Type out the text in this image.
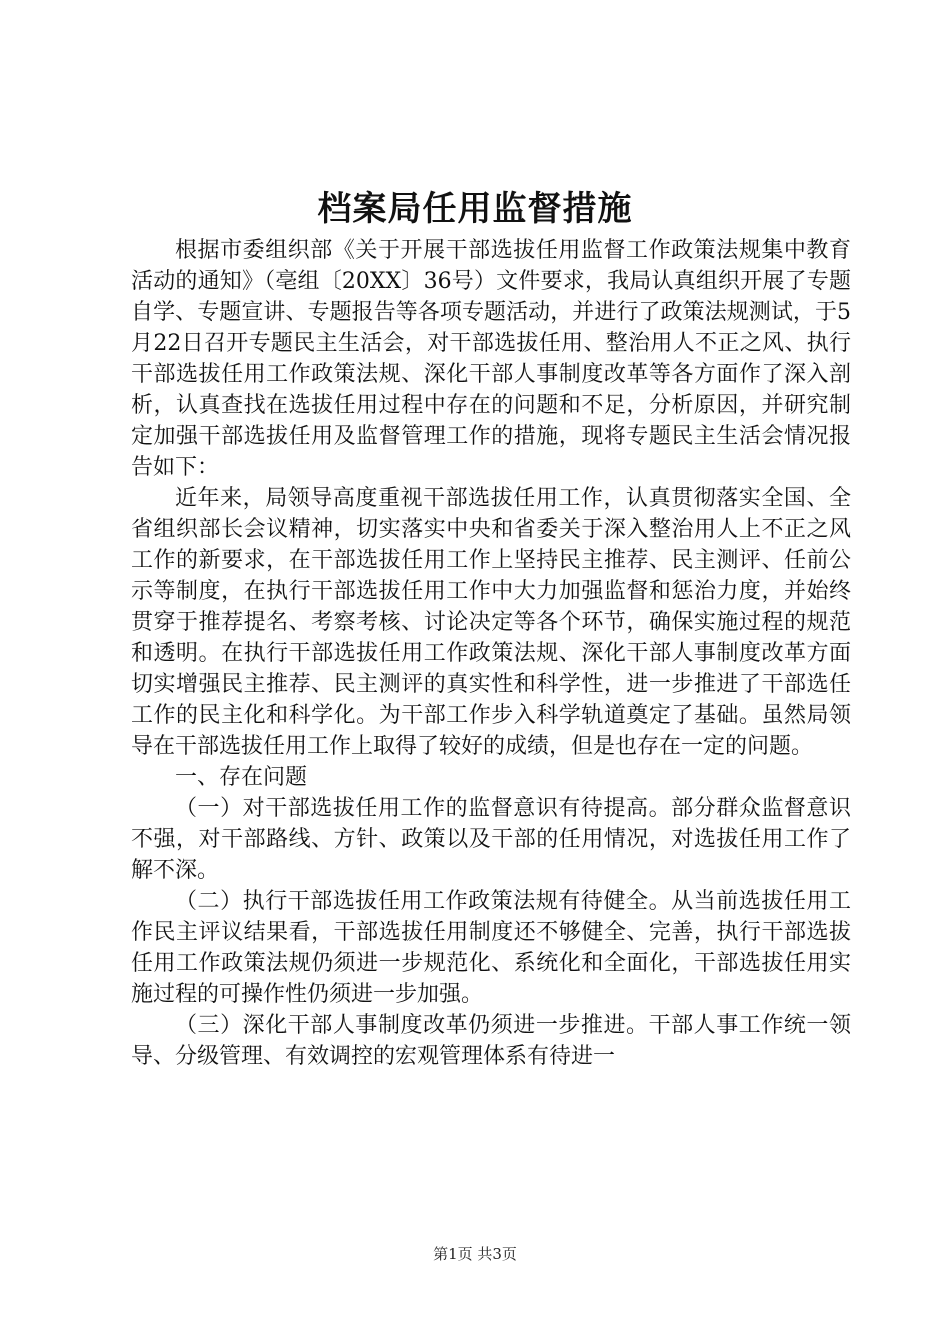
档案局任用监督措施

根据市委组织部《关于开展干部选拔任用监督工作政策法规集中教育活动的通知》（亳组〔20XX〕36号）文件要求，我局认真组织开展了专题自学、专题宣讲、专题报告等各项专题活动，并进行了政策法规测试，于5月22日召开专题民主生活会，对干部选拔任用、整治用人不正之风、执行干部选拔任用工作政策法规、深化干部人事制度改革等各方面作了深入剖析，认真查找在选拔任用过程中存在的问题和不足，分析原因，并研究制定加强干部选拔任用及监督管理工作的措施，现将专题民主生活会情况报告如下：

近年来，局领导高度重视干部选拔任用工作，认真贯彻落实全国、全省组织部长会议精神，切实落实中央和省委关于深入整治用人上不正之风工作的新要求，在干部选拔任用工作上坚持民主推荐、民主测评、任前公示等制度，在执行干部选拔任用工作中大力加强监督和惩治力度，并始终贯穿于推荐提名、考察考核、讨论决定等各个环节，确保实施过程的规范和透明。在执行干部选拔任用工作政策法规、深化干部人事制度改革方面切实增强民主推荐、民主测评的真实性和科学性，进一步推进了干部选任工作的民主化和科学化。为干部工作步入科学轨道奠定了基础。虽然局领导在干部选拔任用工作上取得了较好的成绩，但是也存在一定的问题。

一、存在问题

（一）对干部选拔任用工作的监督意识有待提高。部分群众监督意识不强，对干部路线、方针、政策以及干部的任用情况，对选拔任用工作了解不深。

（二）执行干部选拔任用工作政策法规有待健全。从当前选拔任用工作民主评议结果看，干部选拔任用制度还不够健全、完善，执行干部选拔任用工作政策法规仍须进一步规范化、系统化和全面化，干部选拔任用实施过程的可操作性仍须进一步加强。

（三）深化干部人事制度改革仍须进一步推进。干部人事工作统一领导、分级管理、有效调控的宏观管理体系有待进一

第1页 共3页
